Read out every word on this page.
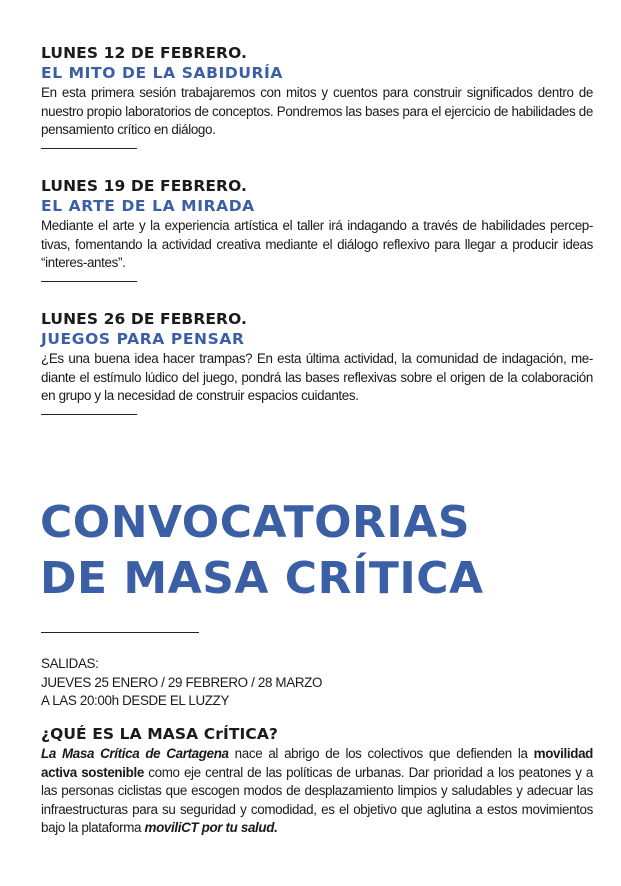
LUNES 12 DE FEBRERO.
EL MITO DE LA SABIDURÍA

En esta primera sesión trabajaremos con mitos y cuentos para construir significados dentro de nuestro propio laboratorios de conceptos. Pondremos las bases para el ejercicio de habilidades de pensamiento crítico en diálogo.

LUNES 19 DE FEBRERO.
EL ARTE DE LA MIRADA

Mediante el arte y la experiencia artística el taller irá indagando a través de habilidades percep-tivas, fomentando la actividad creativa mediante el diálogo reflexivo para llegar a producir ideas “interes-antes”.

LUNES 26 DE FEBRERO.
JUEGOS PARA PENSAR

¿Es una buena idea hacer trampas? En esta última actividad, la comunidad de indagación, me-diante el estímulo lúdico del juego, pondrá las bases reflexivas sobre el origen de la colaboración en grupo y la necesidad de construir espacios cuidantes.

CONVOCATORIAS
DE MASA CRÍTICA

SALIDAS:

JUEVES 25 ENERO / 29 FEBRERO / 28 MARZO

A LAS 20:00h DESDE EL LUZZY

¿QUÉ ES LA MASA CrÍTICA?

La Masa Crítica de Cartagena nace al abrigo de los colectivos que defienden la movilidad activa sostenible como eje central de las políticas de urbanas. Dar prioridad a los peatones y a las personas ciclistas que escogen modos de desplazamiento limpios y saludables y adecuar las infraestructuras para su seguridad y comodidad, es el objetivo que aglutina a estos movimientos bajo la plataforma moviliCT por tu salud.
